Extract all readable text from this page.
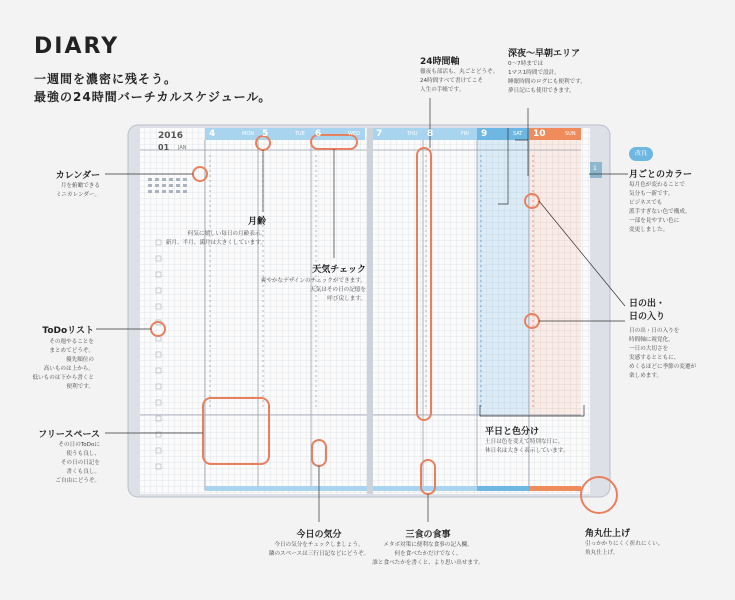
DIARY
一週間を濃密に残そう。
最強の24時間バーチカルスケジュール。
2016
01 JAN
4	MON 5	TUE 6	WED 7	THU 8	FRI 9	SAT 10	SUN
1
カレンダー
月を俯瞰できる
ミニカレンダー。
ToDoリスト
その週やることを
まとめてどうぞ。
優先順位の
高いものは上から。
低いものは下から書くと
便利です。
フリースペース
その日のToDoに
使うも良し、
その日の日記を
書くも良し。
ご自由にどうぞ。
月齢
何気に嬉しい毎日の月齢表示。
新月、半月、満月は大きくしています。
天気チェック
爽やかなデザインのチェックができます。
天気はその日の記憶を
呼び戻します。
今日の気分
今日の気分をチェックしましょう。
隣のスペースは三行日記などにどうぞ。
24時間軸
徹夜も部活も、丸ごとどうぞ。
24時間すべて書けてこそ
人生の手帳です。
深夜～早朝エリア
0～7時までは
1マス1時間で設計。
睡眠時間のログにも便利です。
夢日記にも使用できます。
改良
月ごとのカラー
毎月色が変わることで
気分も一新です。
ビジネスでも
派手すぎない色で構成。
一部を見やすい色に
変更しました。
日の出・
日の入り
日の出・日の入りを
時間軸に視覚化。
一日の大切さを
実感するとともに、
めくるほどに季節の変遷が
楽しめます。
平日と色分け
土日は色を変えて特別な日に。
休日名は大きく表示しています。
三食の食事
メタボ対策に便利な食事の記入欄。
何を食べたかだけでなく、
誰と食べたかを書くと、より思い出せます。
角丸仕上げ
引っかかりにくく折れにくい、
角丸仕上げ。
